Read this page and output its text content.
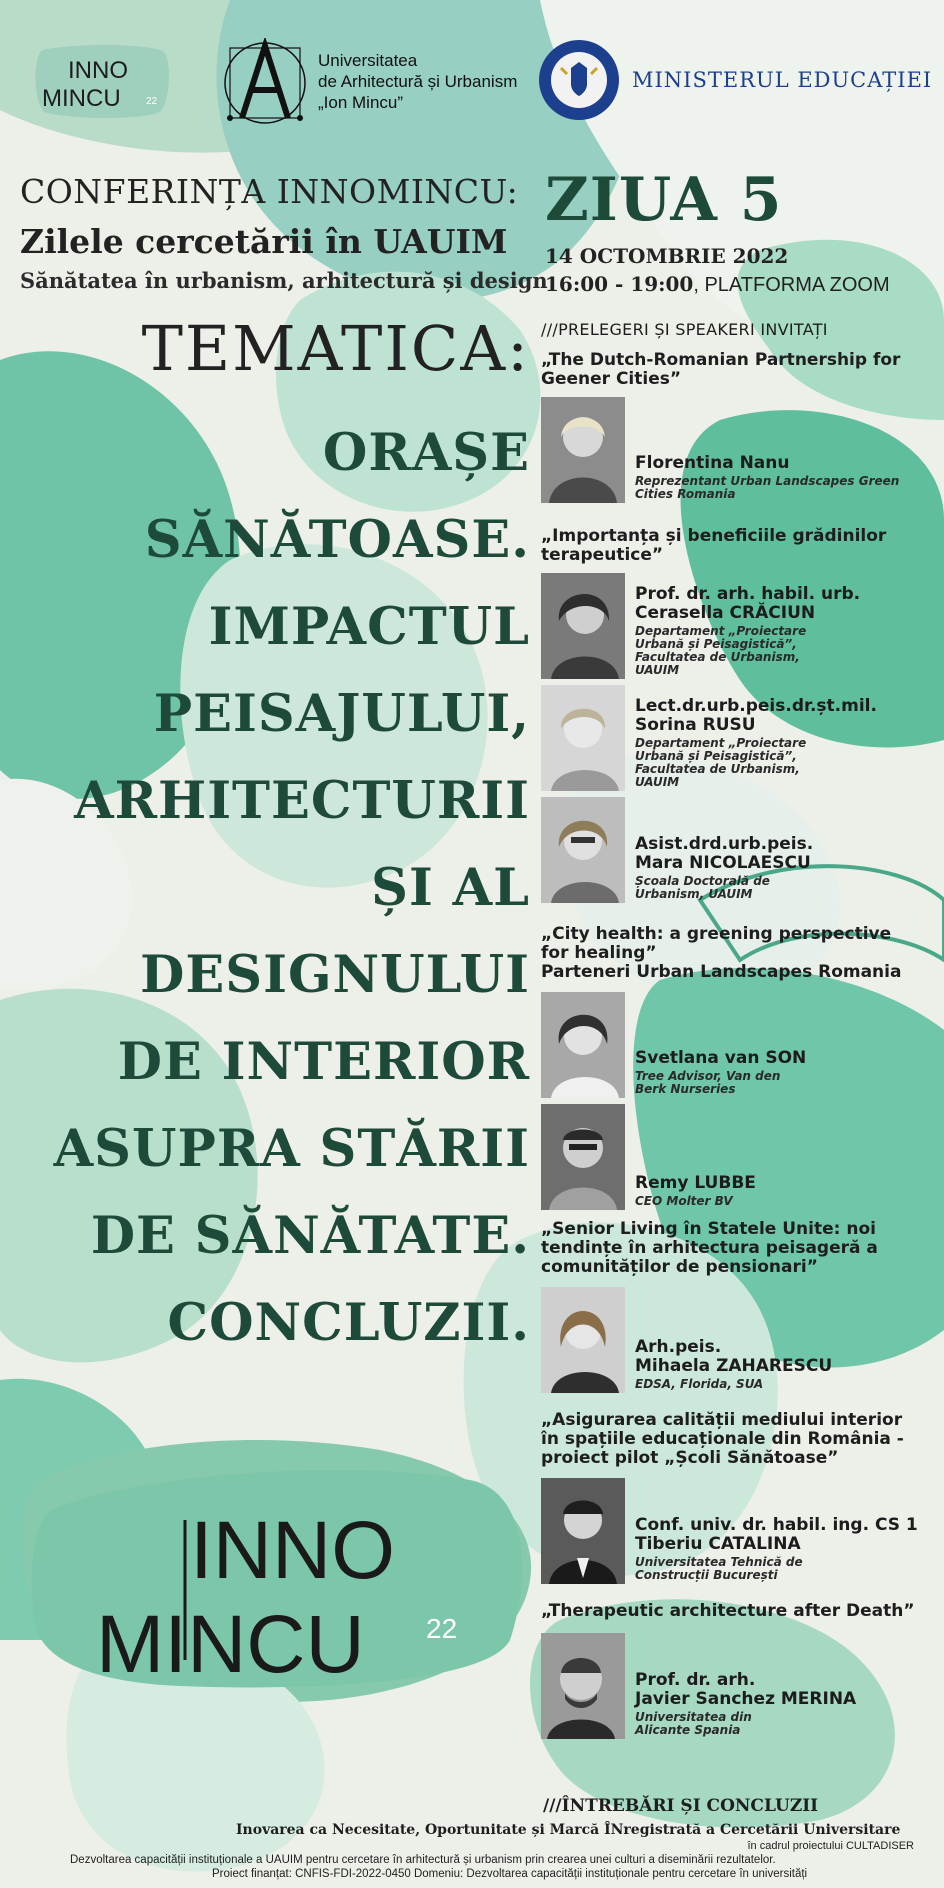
INNO
MINCU	22
Universitatea
de Arhitectură și Urbanism
„Ion Mincu”
MINISTERUL EDUCAȚIEI
CONFERINȚA INNOMINCU:
Zilele cercetării în UAUIM
Sănătatea în urbanism, arhitectură și design
ZIUA 5
14 OCTOMBRIE 2022
16:00 - 19:00, PLATFORMA ZOOM
TEMATICA:
ORAȘE
SĂNĂTOASE.
IMPACTUL
PEISAJULUI,
ARHITECTURII
ȘI AL
DESIGNULUI
DE INTERIOR
ASUPRA STĂRII
DE SĂNĂTATE.
CONCLUZII.
///PRELEGERI ȘI SPEAKERI INVITAȚI
„The Dutch-Romanian Partnership for Geener Cities”
Florentina Nanu
Reprezentant Urban Landscapes Green Cities Romania
„Importanța și beneficiile grădinilor terapeutice”
Prof. dr. arh. habil. urb.
Cerasella CRĂCIUN
Departament „Proiectare Urbană și Peisagistică”, Facultatea de Urbanism, UAUIM
Lect.dr.urb.peis.dr.șt.mil.
Sorina RUSU
Departament „Proiectare Urbană și Peisagistică”, Facultatea de Urbanism, UAUIM
Asist.drd.urb.peis.
Mara NICOLAESCU
Școala Doctorală de Urbanism, UAUIM
„City health: a greening perspective for healing”
Parteneri Urban Landscapes Romania
Svetlana van SON
Tree Advisor, Van den Berk Nurseries
Remy LUBBE
CEO Molter BV
„Senior Living în Statele Unite: noi tendințe în arhitectura peisageră a comunităților de pensionari”
Arh.peis.
Mihaela ZAHARESCU
EDSA, Florida, SUA
„Asigurarea calității mediului interior în spațiile educaționale din România - proiect pilot „Școli Sănătoase”
Conf. univ. dr. habil. ing. CS 1
Tiberiu CATALINA
Universitatea Tehnică de Construcții București
„Therapeutic architecture after Death”
Prof. dr. arh.
Javier Sanchez MERINA
Universitatea din Alicante Spania
INNO
MINCU 22
///ÎNTREBĂRI ȘI CONCLUZII
Inovarea ca Necesitate, Oportunitate și Marcă ÎNregistrată a Cercetării Universitare
în cadrul proiectului CULTADISER
Dezvoltarea capacității instituționale a UAUIM pentru cercetare în arhitectură și urbanism prin crearea unei culturi a diseminării rezultatelor.
Proiect finanțat: CNFIS-FDI-2022-0450 Domeniu: Dezvoltarea capacității instituționale pentru cercetare în universități
